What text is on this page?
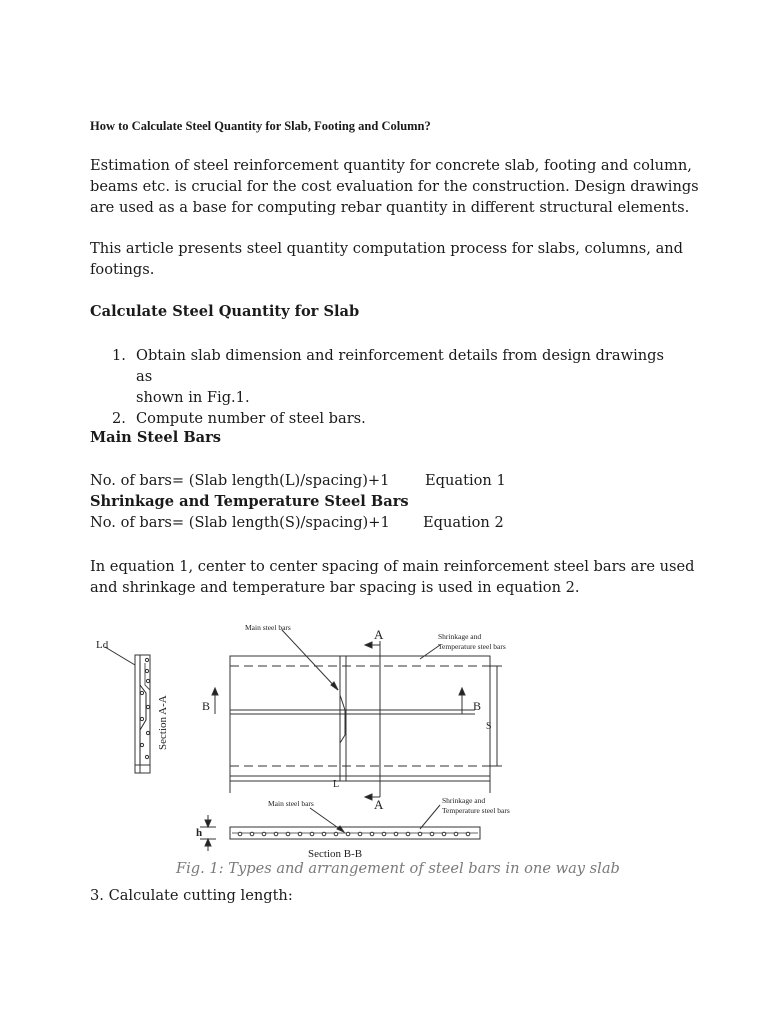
How to Calculate Steel Quantity for Slab, Footing and Column?
Estimation of steel reinforcement quantity for concrete slab, footing and column,
beams etc. is crucial for the cost evaluation for the construction. Design drawings
are used as a base for computing rebar quantity in different structural elements.
This article presents steel quantity computation process for slabs, columns, and
footings.
Calculate Steel Quantity for Slab
1. Obtain slab dimension and reinforcement details from design drawings as
shown in Fig.1.
2. Compute number of steel bars.
Main Steel Bars
No. of bars= (Slab length(L)/spacing)+1 Equation 1
Shrinkage and Temperature Steel Bars
No. of bars= (Slab length(S)/spacing)+1 Equation 2
In equation 1, center to center spacing of main reinforcement steel bars are used
and shrinkage and temperature bar spacing is used in equation 2.
Ld
Section A-A
Main steel bars
Shrinkage and
Temperature steel bars
A
A
B	B
S
L
h
Main steel bars	Shrinkage and
Temperature steel bars
Section B-B
Fig. 1: Types and arrangement of steel bars in one way slab
3. Calculate cutting length:
